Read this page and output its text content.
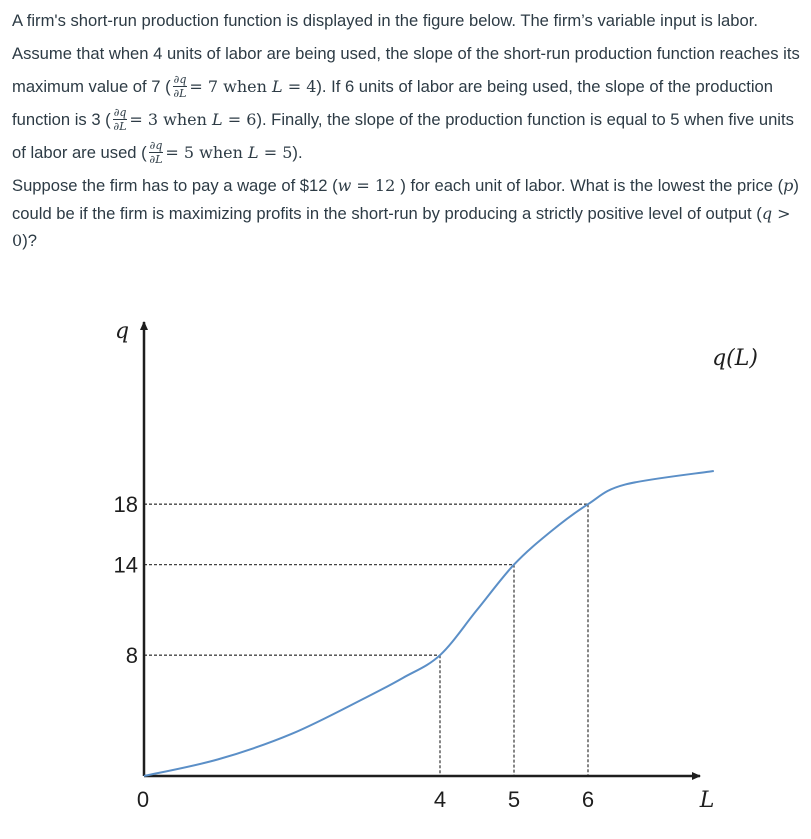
A firm's short-run production function is displayed in the figure below. The firm’s variable input is labor. Assume that when 4 units of labor are being used, the slope of the short-run production function reaches its maximum value of 7 ( $\frac{\partial q}{\partial L} = 7$ when L = 4). If 6 units of labor are being used, the slope of the production function is 3 ( $\frac{\partial q}{\partial L} = 3$ when L = 6). Finally, the slope of the production function is equal to 5 when five units of labor are used ( $\frac{\partial q}{\partial L} = 5$ when L = 5).
Suppose the firm has to pay a wage of $12 (w = 12 ) for each unit of labor. What is the lowest the price (p) could be if the firm is maximizing profits in the short-run by producing a strictly positive level of output (q > 0)?
q
L
0
18
14
8
4	5	6
q(L)
